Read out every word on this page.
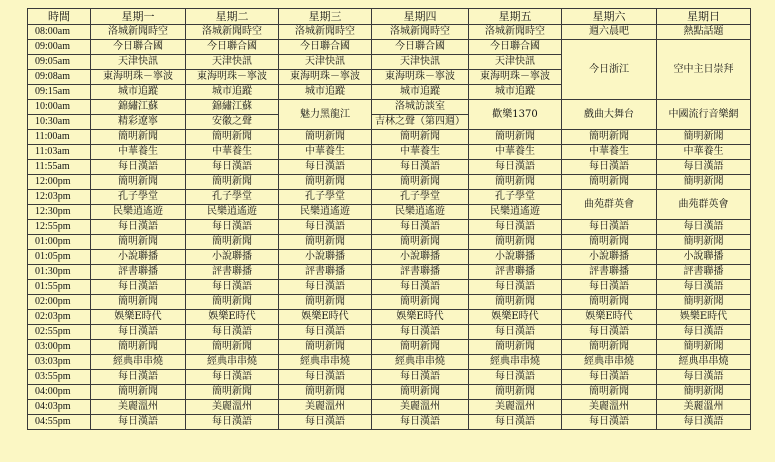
時間	星期一	星期二	星期三	星期四	星期五	星期六	星期日
08:00am	洛城新聞時空	洛城新聞時空	洛城新聞時空	洛城新聞時空	洛城新聞時空	週六晨吧	熱點話題
09:00am	今日聯合國	今日聯合國	今日聯合國	今日聯合國	今日聯合國	今日浙江	空中主日崇拜
09:05am	天津快訊	天津快訊	天津快訊	天津快訊	天津快訊		
09:08am	東海明珠－寧波	東海明珠－寧波	東海明珠－寧波	東海明珠－寧波	東海明珠－寧波		
09:15am	城市追蹤	城市追蹤	城市追蹤	城市追蹤	城市追蹤		
10:00am	錦繡江蘇	錦繡江蘇	魅力黑龍江	洛城訪談室	歡樂1370	戲曲大舞台	中國流行音樂網
10:30am	精彩遼寧	安徽之聲		吉林之聲（第四週）			
11:00am	簡明新聞	簡明新聞	簡明新聞	簡明新聞	簡明新聞	簡明新聞	簡明新聞
11:03am	中華養生	中華養生	中華養生	中華養生	中華養生	中華養生	中華養生
11:55am	每日漢語	每日漢語	每日漢語	每日漢語	每日漢語	每日漢語	每日漢語
12:00pm	簡明新聞	簡明新聞	簡明新聞	簡明新聞	簡明新聞	簡明新聞	簡明新聞
12:03pm	孔子學堂	孔子學堂	孔子學堂	孔子學堂	孔子學堂	曲苑群英會	曲苑群英會
12:30pm	民樂逍遙遊	民樂逍遙遊	民樂逍遙遊	民樂逍遙遊	民樂逍遙遊		
12:55pm	每日漢語	每日漢語	每日漢語	每日漢語	每日漢語	每日漢語	每日漢語
01:00pm	簡明新聞	簡明新聞	簡明新聞	簡明新聞	簡明新聞	簡明新聞	簡明新聞
01:05pm	小說聯播	小說聯播	小說聯播	小說聯播	小說聯播	小說聯播	小說聯播
01:30pm	評書聯播	評書聯播	評書聯播	評書聯播	評書聯播	評書聯播	評書聯播
01:55pm	每日漢語	每日漢語	每日漢語	每日漢語	每日漢語	每日漢語	每日漢語
02:00pm	簡明新聞	簡明新聞	簡明新聞	簡明新聞	簡明新聞	簡明新聞	簡明新聞
02:03pm	娛樂E時代	娛樂E時代	娛樂E時代	娛樂E時代	娛樂E時代	娛樂E時代	娛樂E時代
02:55pm	每日漢語	每日漢語	每日漢語	每日漢語	每日漢語	每日漢語	每日漢語
03:00pm	簡明新聞	簡明新聞	簡明新聞	簡明新聞	簡明新聞	簡明新聞	簡明新聞
03:03pm	經典串串燒	經典串串燒	經典串串燒	經典串串燒	經典串串燒	經典串串燒	經典串串燒
03:55pm	每日漢語	每日漢語	每日漢語	每日漢語	每日漢語	每日漢語	每日漢語
04:00pm	簡明新聞	簡明新聞	簡明新聞	簡明新聞	簡明新聞	簡明新聞	簡明新聞
04:03pm	美麗溫州	美麗溫州	美麗溫州	美麗溫州	美麗溫州	美麗溫州	美麗溫州
04:55pm	每日漢語	每日漢語	每日漢語	每日漢語	每日漢語	每日漢語	每日漢語
